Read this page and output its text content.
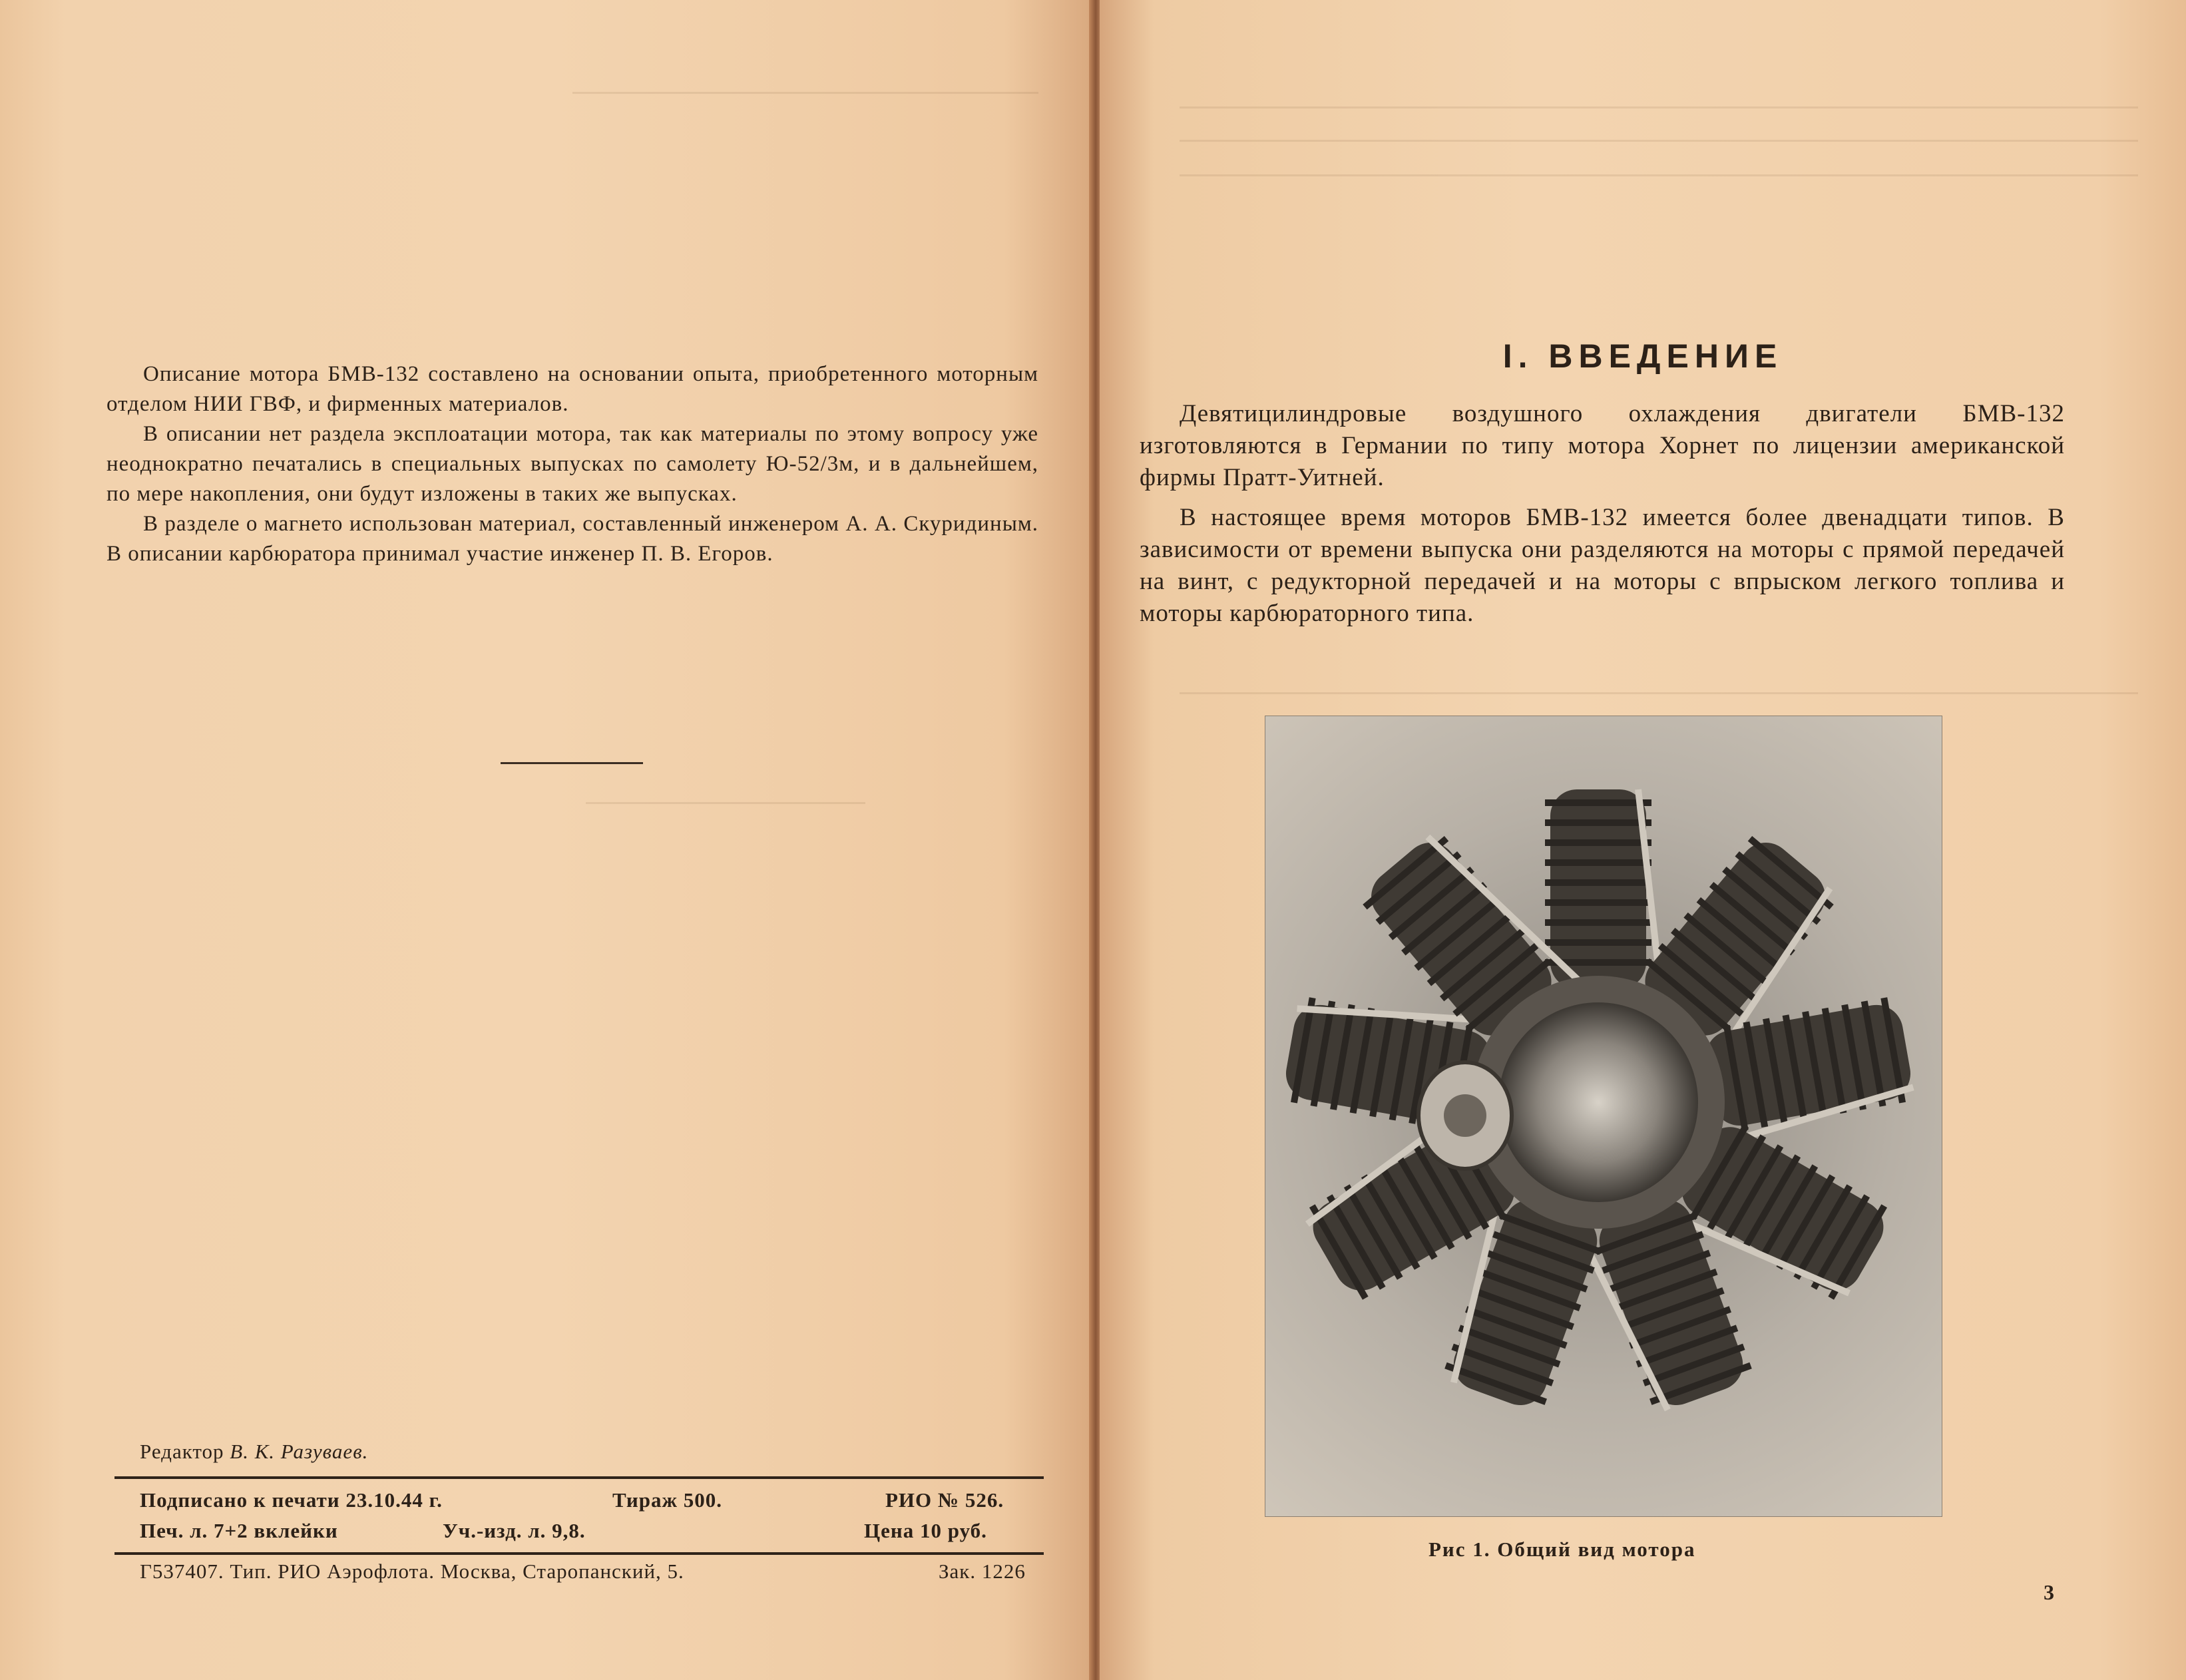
Описание мотора БМВ-132 составлено на основании опыта, приобретенного моторным отделом НИИ ГВФ, и фирменных материалов.

В описании нет раздела эксплоатации мотора, так как материалы по этому вопросу уже неоднократно печатались в специальных выпусках по самолету Ю-52/3м, и в дальнейшем, по мере накопления, они будут изложены в таких же выпусках.

В разделе о магнето использован материал, составленный инженером А. А. Скуридиным. В описании карбюратора принимал участие инженер П. В. Егоров.

Редактор В. К. Разуваев.
Подписано к печати 23.10.44 г.	Тираж 500.	РИО № 526.
Печ. л. 7+2 вклейки	Уч.-изд. л. 9,8.	Цена 10 руб.
Г537407. Тип. РИО Аэрофлота. Москва, Старопанский, 5.	Зак. 1226
I. ВВЕДЕНИЕ

Девятицилиндровые воздушного охлаждения двигатели БМВ-132 изготовляются в Германии по типу мотора Хорнет по лицензии американской фирмы Пратт-Уитней.

В настоящее время моторов БМВ-132 имеется более двенадцати типов. В зависимости от времени выпуска они разделяются на моторы с прямой передачей на винт, с редукторной передачей и на моторы с впрыском легкого топлива и моторы карбюраторного типа.

Рис 1. Общий вид мотора
3
